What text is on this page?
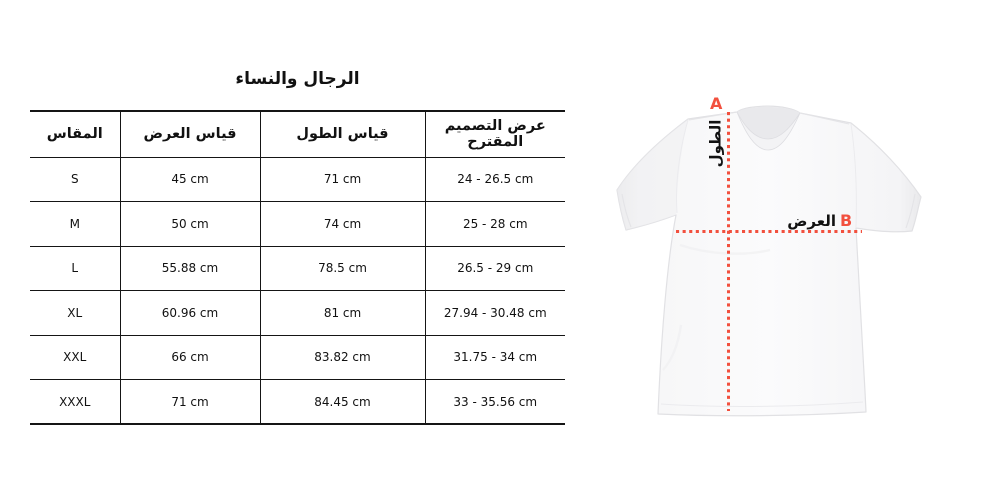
الرجال والنساء
المقاس	قياس العرض	قياس الطول	عرض التصميم المقترح
S	45 cm	71 cm	24 - 26.5 cm
M	50 cm	74 cm	25 - 28 cm
L	55.88 cm	78.5 cm	26.5 - 29 cm
XL	60.96 cm	81 cm	27.94 - 30.48 cm
XXL	66 cm	83.82 cm	31.75 - 34 cm
XXXL	71 cm	84.45 cm	33 - 35.56 cm
A
الطول
العرض B
